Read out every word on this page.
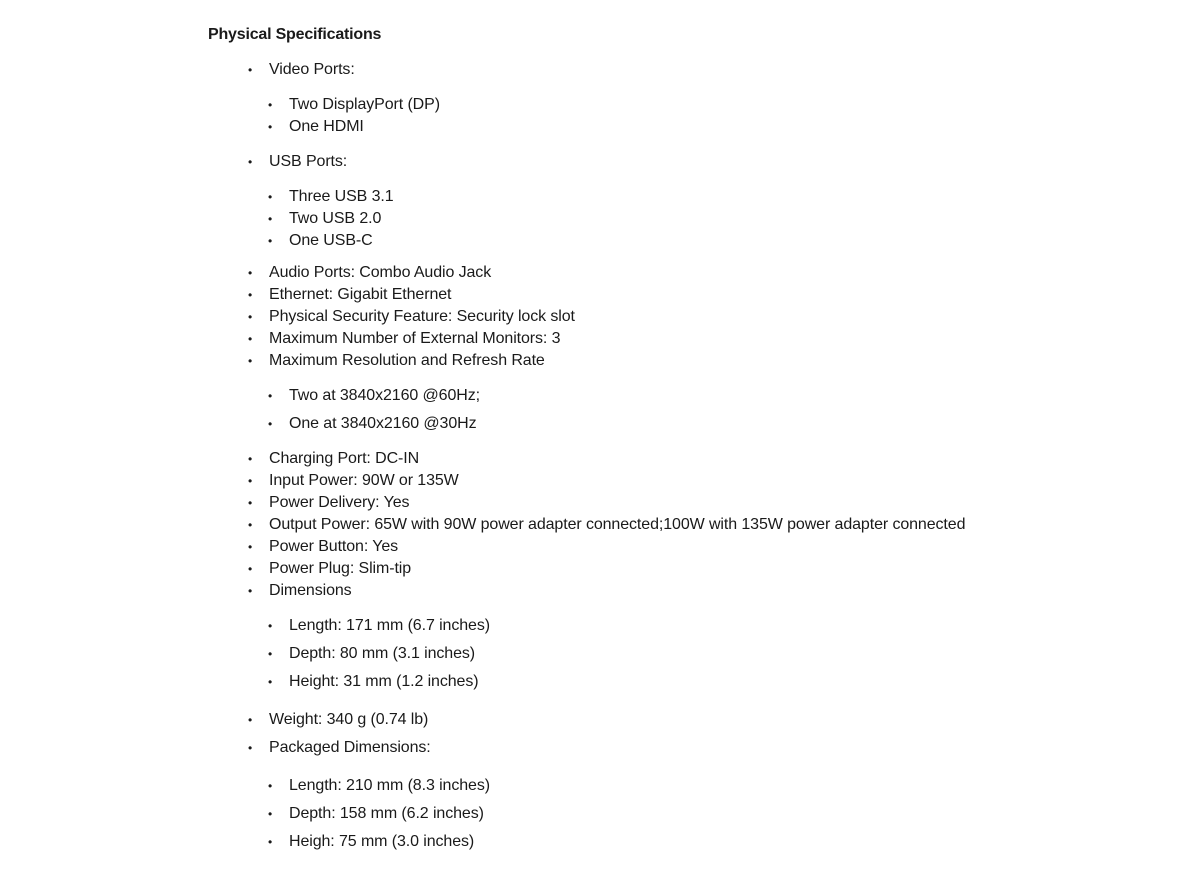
Physical Specifications
• Video Ports:
• Two DisplayPort (DP)
• One HDMI
• USB Ports:
• Three USB 3.1
• Two USB 2.0
• One USB-C
• Audio Ports: Combo Audio Jack
• Ethernet: Gigabit Ethernet
• Physical Security Feature: Security lock slot
• Maximum Number of External Monitors: 3
• Maximum Resolution and Refresh Rate
• Two at 3840x2160 @60Hz;
• One at 3840x2160 @30Hz
• Charging Port: DC-IN
• Input Power: 90W or 135W
• Power Delivery: Yes
• Output Power: 65W with 90W power adapter connected;100W with 135W power adapter connected
• Power Button: Yes
• Power Plug: Slim-tip
• Dimensions
• Length: 171 mm (6.7 inches)
• Depth: 80 mm (3.1 inches)
• Height: 31 mm (1.2 inches)
• Weight: 340 g (0.74 lb)
• Packaged Dimensions:
• Length: 210 mm (8.3 inches)
• Depth: 158 mm (6.2 inches)
• Heigh: 75 mm (3.0 inches)
